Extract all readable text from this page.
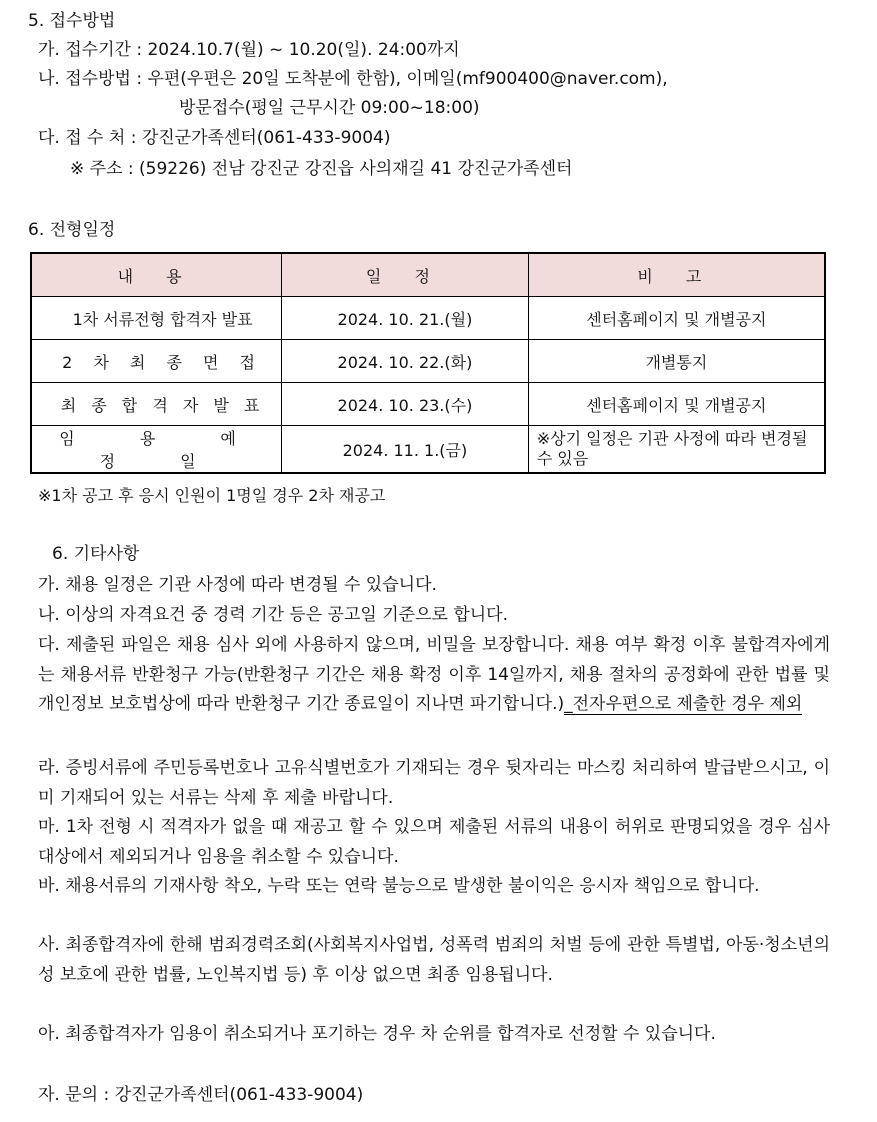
5. 접수방법
가. 접수기간 : 2024.10.7(월) ~ 10.20(일). 24:00까지
나. 접수방법 : 우편(우편은 20일 도착분에 한함), 이메일(mf900400@naver.com),
방문접수(평일 근무시간 09:00~18:00)
다. 접 수 처 : 강진군가족센터(061-433-9004)
※ 주소 : (59226) 전남 강진군 강진읍 사의재길 41 강진군가족센터
6. 전형일정
내 용	일 정	비 고
1차 서류전형 합격자 발표	2024. 10. 21.(월)	센터홈페이지 및 개별공지
2 차 최 종 면 접	2024. 10. 22.(화)	개별통지
최 종 합 격 자 발 표	2024. 10. 23.(수)	센터홈페이지 및 개별공지
임 용 예 정 일	2024. 11. 1.(금)	※상기 일정은 기관 사정에 따라 변경될 수 있음
※1차 공고 후 응시 인원이 1명일 경우 2차 재공고
6. 기타사항
가. 채용 일정은 기관 사정에 따라 변경될 수 있습니다.
나. 이상의 자격요건 중 경력 기간 등은 공고일 기준으로 합니다.
다. 제출된 파일은 채용 심사 외에 사용하지 않으며, 비밀을 보장합니다. 채용 여부 확정 이후 불합격자에게는 채용서류 반환청구 가능(반환청구 기간은 채용 확정 이후 14일까지, 채용 절차의 공정화에 관한 법률 및 개인정보 보호법상에 따라 반환청구 기간 종료일이 지나면 파기합니다.)_전자우편으로 제출한 경우 제외
라. 증빙서류에 주민등록번호나 고유식별번호가 기재되는 경우 뒷자리는 마스킹 처리하여 발급받으시고, 이미 기재되어 있는 서류는 삭제 후 제출 바랍니다.
마. 1차 전형 시 적격자가 없을 때 재공고 할 수 있으며 제출된 서류의 내용이 허위로 판명되었을 경우 심사 대상에서 제외되거나 임용을 취소할 수 있습니다.
바. 채용서류의 기재사항 착오, 누락 또는 연락 불능으로 발생한 불이익은 응시자 책임으로 합니다.
사. 최종합격자에 한해 범죄경력조회(사회복지사업법, 성폭력 범죄의 처벌 등에 관한 특별법, 아동·청소년의 성 보호에 관한 법률, 노인복지법 등) 후 이상 없으면 최종 임용됩니다.
아. 최종합격자가 임용이 취소되거나 포기하는 경우 차 순위를 합격자로 선정할 수 있습니다.
자. 문의 : 강진군가족센터(061-433-9004)
